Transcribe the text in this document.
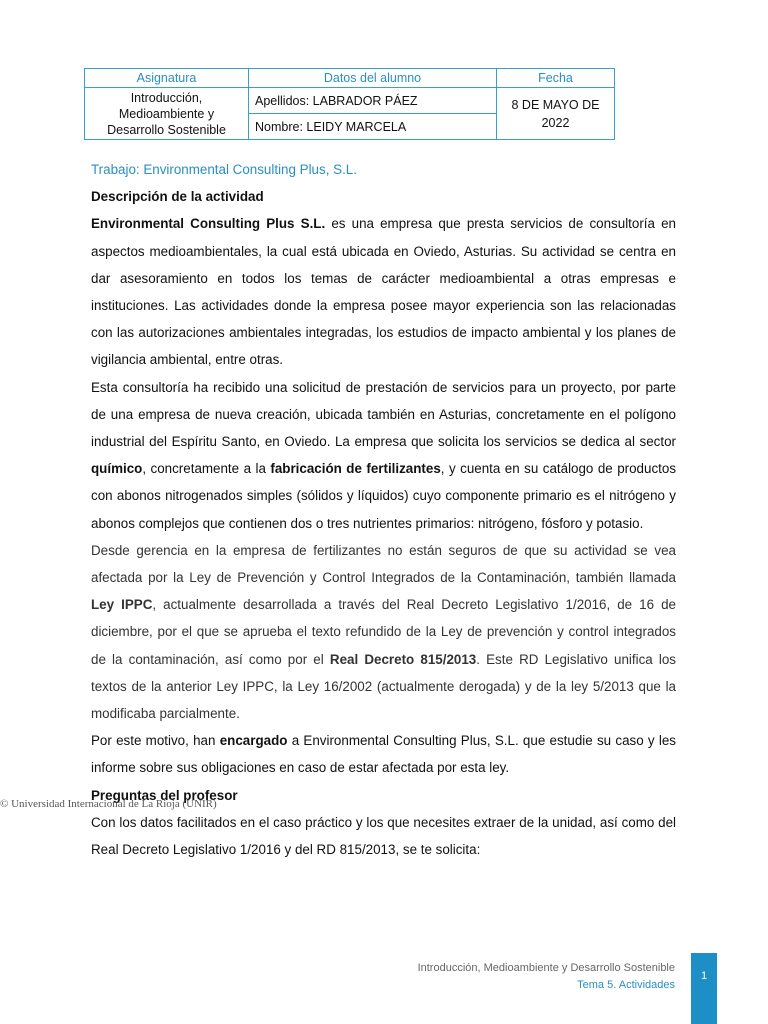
Asignatura	Datos del alumno	Fecha
Introducción, Medioambiente y Desarrollo Sostenible	Apellidos: LABRADOR PÁEZ	8 DE MAYO DE 2022
	Nombre: LEIDY MARCELA	

Trabajo: Environmental Consulting Plus, S.L.

Descripción de la actividad

Environmental Consulting Plus S.L. es una empresa que presta servicios de consultoría en aspectos medioambientales, la cual está ubicada en Oviedo, Asturias. Su actividad se centra en dar asesoramiento en todos los temas de carácter medioambiental a otras empresas e instituciones. Las actividades donde la empresa posee mayor experiencia son las relacionadas con las autorizaciones ambientales integradas, los estudios de impacto ambiental y los planes de vigilancia ambiental, entre otras.

Esta consultoría ha recibido una solicitud de prestación de servicios para un proyecto, por parte de una empresa de nueva creación, ubicada también en Asturias, concretamente en el polígono industrial del Espíritu Santo, en Oviedo. La empresa que solicita los servicios se dedica al sector químico, concretamente a la fabricación de fertilizantes, y cuenta en su catálogo de productos con abonos nitrogenados simples (sólidos y líquidos) cuyo componente primario es el nitrógeno y abonos complejos que contienen dos o tres nutrientes primarios: nitrógeno, fósforo y potasio.

Desde gerencia en la empresa de fertilizantes no están seguros de que su actividad se vea afectada por la Ley de Prevención y Control Integrados de la Contaminación, también llamada Ley IPPC, actualmente desarrollada a través del Real Decreto Legislativo 1/2016, de 16 de diciembre, por el que se aprueba el texto refundido de la Ley de prevención y control integrados de la contaminación, así como por el Real Decreto 815/2013. Este RD Legislativo unifica los textos de la anterior Ley IPPC, la Ley 16/2002 (actualmente derogada) y de la ley 5/2013 que la modificaba parcialmente.

Por este motivo, han encargado a Environmental Consulting Plus, S.L. que estudie su caso y les informe sobre sus obligaciones en caso de estar afectada por esta ley.

Preguntas del profesor

Con los datos facilitados en el caso práctico y los que necesites extraer de la unidad, así como del Real Decreto Legislativo 1/2016 y del RD 815/2013, se te solicita:

© Universidad Internacional de La Rioja (UNIR)
Introducción, Medioambiente y Desarrollo Sostenible
Tema 5. Actividades
1
